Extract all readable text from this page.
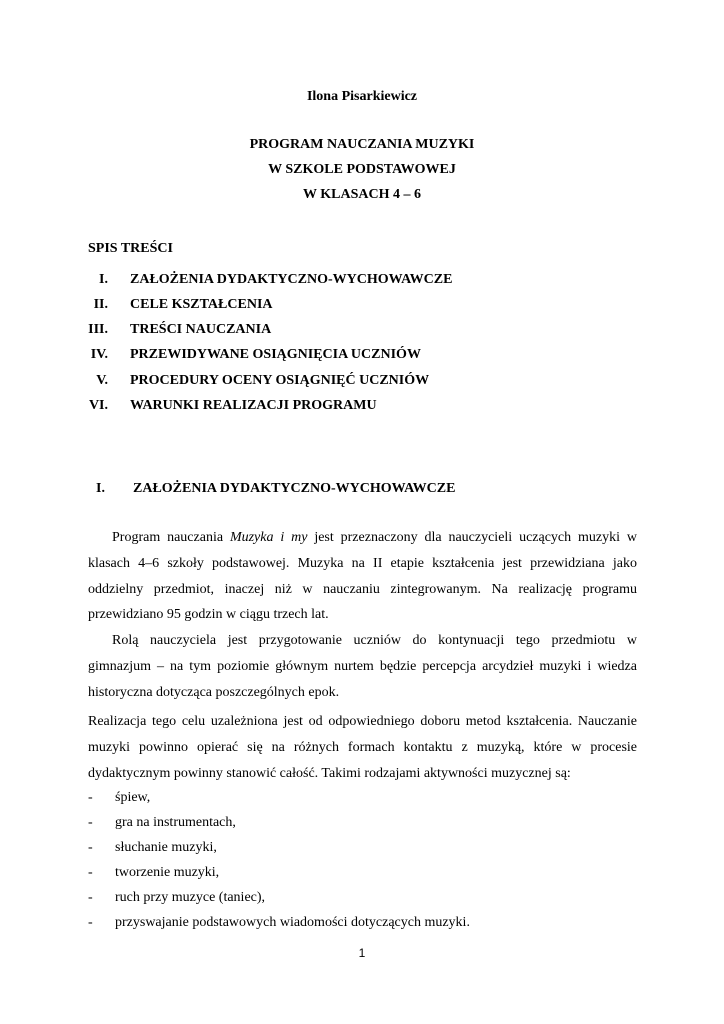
Ilona Pisarkiewicz
PROGRAM NAUCZANIA MUZYKI
W SZKOLE PODSTAWOWEJ
W KLASACH 4 – 6
SPIS TREŚCI
I. ZAŁOŻENIA DYDAKTYCZNO-WYCHOWAWCZE
II. CELE KSZTAŁCENIA
III. TREŚCI NAUCZANIA
IV. PRZEWIDYWANE OSIĄGNIĘCIA UCZNIÓW
V. PROCEDURY OCENY OSIĄGNIĘĆ UCZNIÓW
VI. WARUNKI REALIZACJI PROGRAMU
I. ZAŁOŻENIA DYDAKTYCZNO-WYCHOWAWCZE
Program nauczania Muzyka i my jest przeznaczony dla nauczycieli uczących muzyki w
klasach 4–6 szkoły podstawowej. Muzyka na II etapie kształcenia jest przewidziana jako
oddzielny przedmiot, inaczej niż w nauczaniu zintegrowanym. Na realizację programu
przewidziano 95 godzin w ciągu trzech lat.
Rolą nauczyciela jest przygotowanie uczniów do kontynuacji tego przedmiotu w
gimnazjum – na tym poziomie głównym nurtem będzie percepcja arcydzieł muzyki i wiedza
historyczna dotycząca poszczególnych epok.
Realizacja tego celu uzależniona jest od odpowiedniego doboru metod kształcenia. Nauczanie
muzyki powinno opierać się na różnych formach kontaktu z muzyką, które w procesie
dydaktycznym powinny stanowić całość. Takimi rodzajami aktywności muzycznej są:
- śpiew,
- gra na instrumentach,
- słuchanie muzyki,
- tworzenie muzyki,
- ruch przy muzyce (taniec),
- przyswajanie podstawowych wiadomości dotyczących muzyki.
1
